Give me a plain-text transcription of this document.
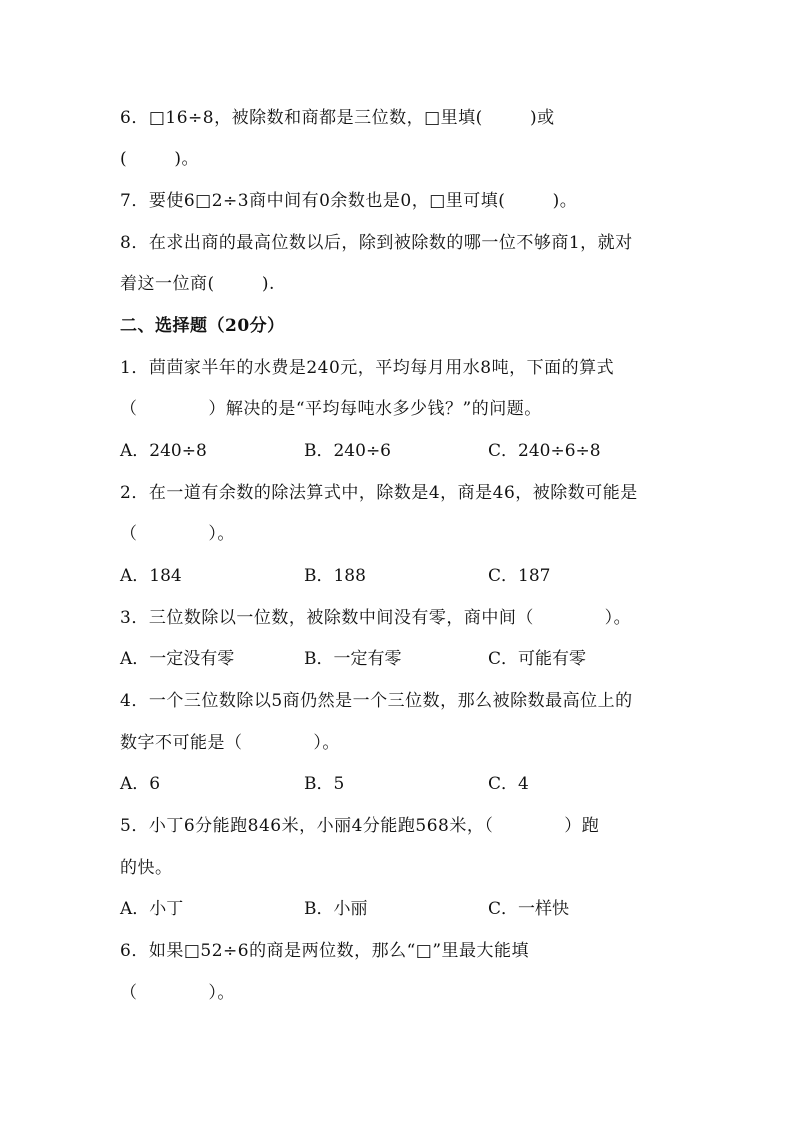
6．□16÷8，被除数和商都是三位数，□里填(        )或
(        )。
7．要使6□2÷3商中间有0余数也是0，□里可填(        )。
8．在求出商的最高位数以后，除到被除数的哪一位不够商1，就对
着这一位商(        ).
二、选择题（20分）
1．茴茴家半年的水费是240元，平均每月用水8吨，下面的算式
（            ）解决的是“平均每吨水多少钱？”的问题。
A．240÷8	B．240÷6	C．240÷6÷8
2．在一道有余数的除法算式中，除数是4，商是46，被除数可能是
（            ）。
A．184	B．188	C．187
3．三位数除以一位数，被除数中间没有零，商中间（            ）。
A．一定没有零	B．一定有零	C．可能有零
4．一个三位数除以5商仍然是一个三位数，那么被除数最高位上的
数字不可能是（            ）。
A．6	B．5	C．4
5．小丁6分能跑846米，小丽4分能跑568米，（            ）跑
的快。
A．小丁	B．小丽	C．一样快
6．如果□52÷6的商是两位数，那么“□”里最大能填
（            ）。
